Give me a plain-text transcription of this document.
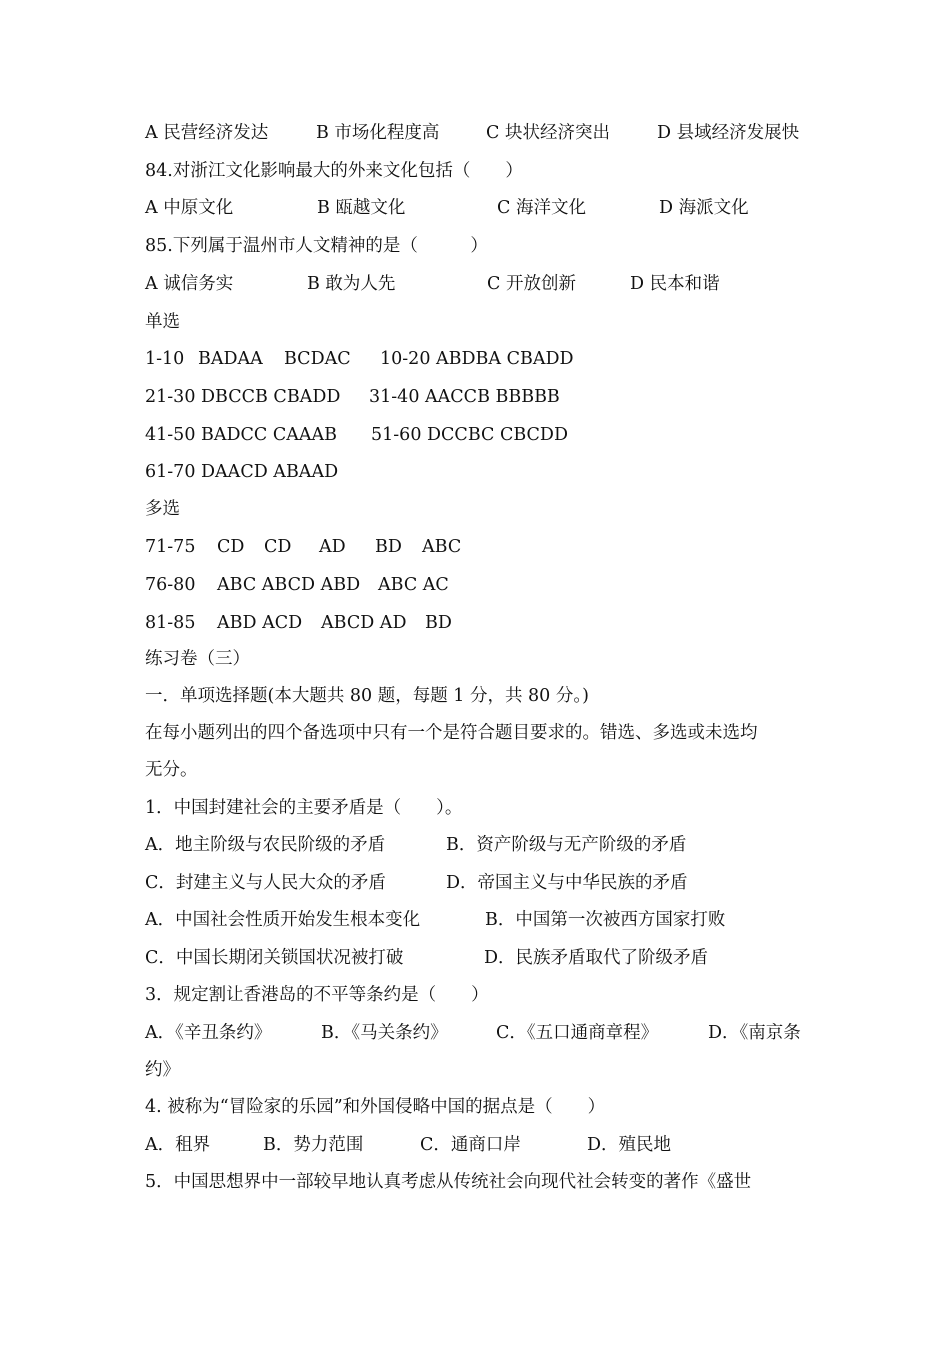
A 民营经济发达	B 市场化程度高	C 块状经济突出	D 县域经济发展快
84.对浙江文化影响最大的外来文化包括（　　）
A 中原文化	B 瓯越文化	C 海洋文化	D 海派文化
85.下列属于温州市人文精神的是（　　　）
A 诚信务实	B 敢为人先	C 开放创新	D 民本和谐
单选
1-10 BADAA BCDAC 10-20 ABDBA CBADD
21-30 DBCCB CBADD 31-40 AACCB BBBBB
41-50 BADCC CAAAB 51-60 DCCBC CBCDD
61-70 DAACD ABAAD
多选
71-75 CD CD AD BD ABC
76-80 ABC ABCD ABD ABC AC
81-85 ABD ACD ABCD AD BD
练习卷（三）
一．单项选择题(本大题共 80 题，每题 1 分，共 80 分。)
在每小题列出的四个备选项中只有一个是符合题目要求的。错选、多选或未选均
无分。
1．中国封建社会的主要矛盾是（　　）。
A．地主阶级与农民阶级的矛盾	B．资产阶级与无产阶级的矛盾
C．封建主义与人民大众的矛盾	D．帝国主义与中华民族的矛盾
A．中国社会性质开始发生根本变化	B．中国第一次被西方国家打败
C．中国长期闭关锁国状况被打破	D．民族矛盾取代了阶级矛盾
3．规定割让香港岛的不平等条约是（　　）
A．《辛丑条约》	B．《马关条约》	C．《五口通商章程》	D．《南京条
约》
4. 被称为“冒险家的乐园”和外国侵略中国的据点是（　　）
A．租界	B．势力范围	C．通商口岸	D．殖民地
5．中国思想界中一部较早地认真考虑从传统社会向现代社会转变的著作《盛世
